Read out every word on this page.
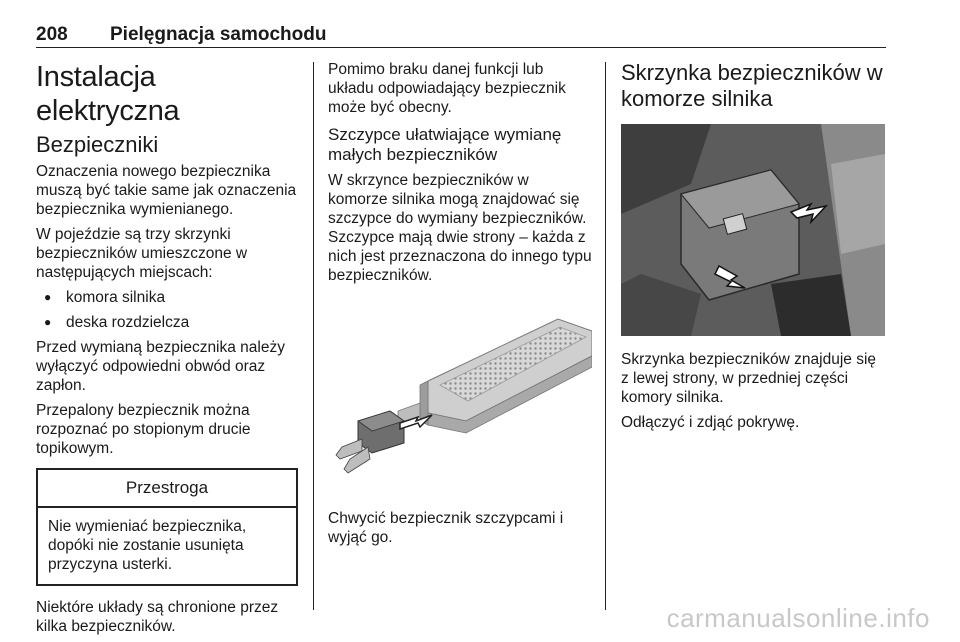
208 Pielęgnacja samochodu
Instalacja elektryczna
Bezpieczniki

Oznaczenia nowego bezpiecznika muszą być takie same jak oznaczenia bezpiecznika wymienianego.

W pojeździe są trzy skrzynki bezpieczników umieszczone w następujących miejscach:

● komora silnika
● deska rozdzielcza

Przed wymianą bezpiecznika należy wyłączyć odpowiedni obwód oraz zapłon.

Przepalony bezpiecznik można rozpoznać po stopionym drucie topikowym.

Przestroga
Nie wymieniać bezpiecznika, dopóki nie zostanie usunięta przyczyna usterki.

Niektóre układy są chronione przez kilka bezpieczników.

Pomimo braku danej funkcji lub układu odpowiadający bezpiecznik może być obecny.

Szczypce ułatwiające wymianę małych bezpieczników

W skrzynce bezpieczników w komorze silnika mogą znajdować się szczypce do wymiany bezpieczników. Szczypce mają dwie strony – każda z nich jest przeznaczona do innego typu bezpieczników.

Chwycić bezpiecznik szczypcami i wyjąć go.

Skrzynka bezpieczników w komorze silnika

Skrzynka bezpieczników znajduje się z lewej strony, w przedniej części komory silnika.

Odłączyć i zdjąć pokrywę.

carmanualsonline.info
